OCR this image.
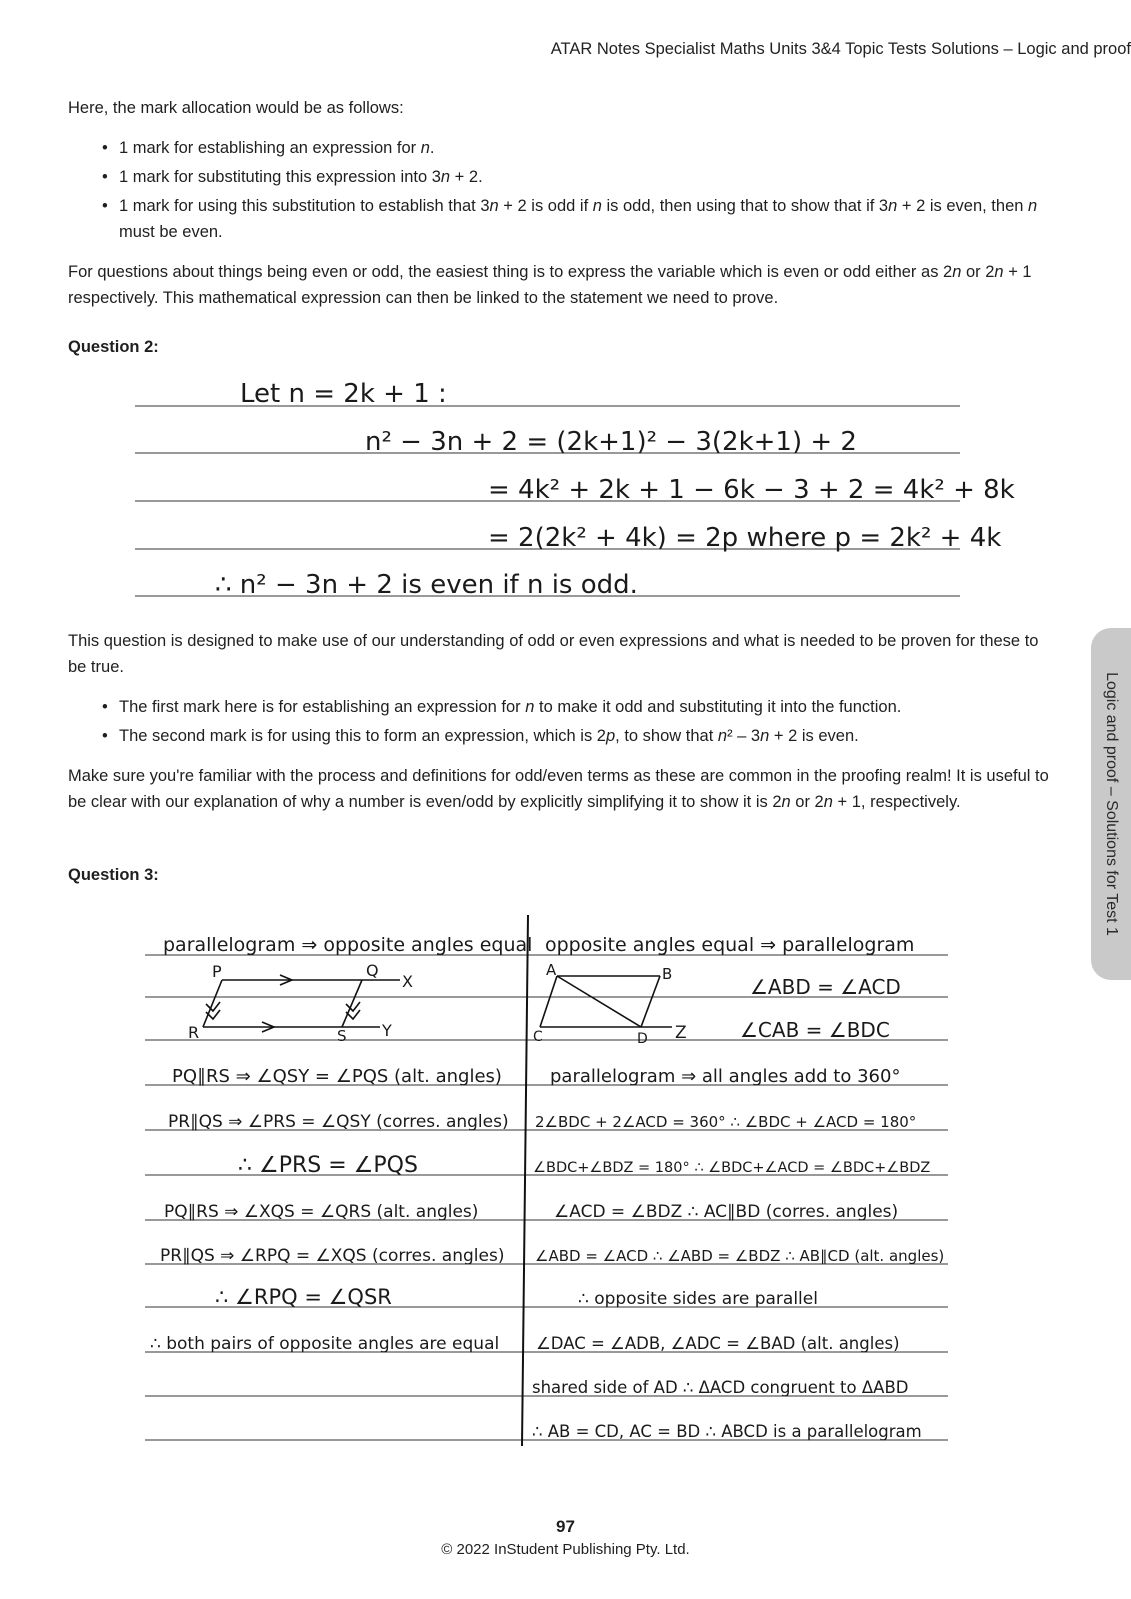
ATAR Notes Specialist Maths Units 3&4 Topic Tests Solutions – Logic and proof

Here, the mark allocation would be as follows:

• 1 mark for establishing an expression for n.
• 1 mark for substituting this expression into 3n + 2.
• 1 mark for using this substitution to establish that 3n + 2 is odd if n is odd, then using that to show that if 3n + 2 is even, then n must be even.

For questions about things being even or odd, the easiest thing is to express the variable which is even or odd either as 2n or 2n + 1 respectively. This mathematical expression can then be linked to the statement we need to prove.

Question 2:
Let n = 2k + 1 :
n² − 3n + 2 = (2k+1)² − 3(2k+1) + 2
= 4k² + 2k + 1 − 6k − 3 + 2 = 4k² + 8k
= 2(2k² + 4k) = 2p where p = 2k² + 4k
∴ n² − 3n + 2 is even if n is odd.

This question is designed to make use of our understanding of odd or even expressions and what is needed to be proven for these to be true.

• The first mark here is for establishing an expression for n to make it odd and substituting it into the function.
• The second mark is for using this to form an expression, which is 2p, to show that n² – 3n + 2 is even.

Make sure you're familiar with the process and definitions for odd/even terms as these are common in the proofing realm! It is useful to be clear with our explanation of why a number is even/odd by explicitly simplifying it to show it is 2n or 2n + 1, respectively.

Question 3:
parallelogram ⇒ opposite angles equal opposite angles equal ⇒ parallelogram
P	Q
X
R	S Y
A	B
C	D Z
∠ABD = ∠ACD
∠CAB = ∠BDC
PQ∥RS ⇒ ∠QSY = ∠PQS (alt. angles)
PR∥QS ⇒ ∠PRS = ∠QSY (corres. angles)
∴ ∠PRS = ∠PQS
PQ∥RS ⇒ ∠XQS = ∠QRS (alt. angles)
PR∥QS ⇒ ∠RPQ = ∠XQS (corres. angles)
∴ ∠RPQ = ∠QSR
∴ both pairs of opposite angles are equal
parallelogram ⇒ all angles add to 360°
2∠BDC + 2∠ACD = 360° ∴ ∠BDC + ∠ACD = 180°
∠BDC+∠BDZ = 180° ∴ ∠BDC+∠ACD = ∠BDC+∠BDZ
∠ACD = ∠BDZ ∴ AC∥BD (corres. angles)
∠ABD = ∠ACD ∴ ∠ABD = ∠BDZ ∴ AB∥CD (alt. angles)
∴ opposite sides are parallel
∠DAC = ∠ADB, ∠ADC = ∠BAD (alt. angles)
shared side of AD ∴ ΔACD congruent to ΔABD
∴ AB = CD, AC = BD ∴ ABCD is a parallelogram
Logic and proof – Solutions for Test 1
97
© 2022 InStudent Publishing Pty. Ltd.
